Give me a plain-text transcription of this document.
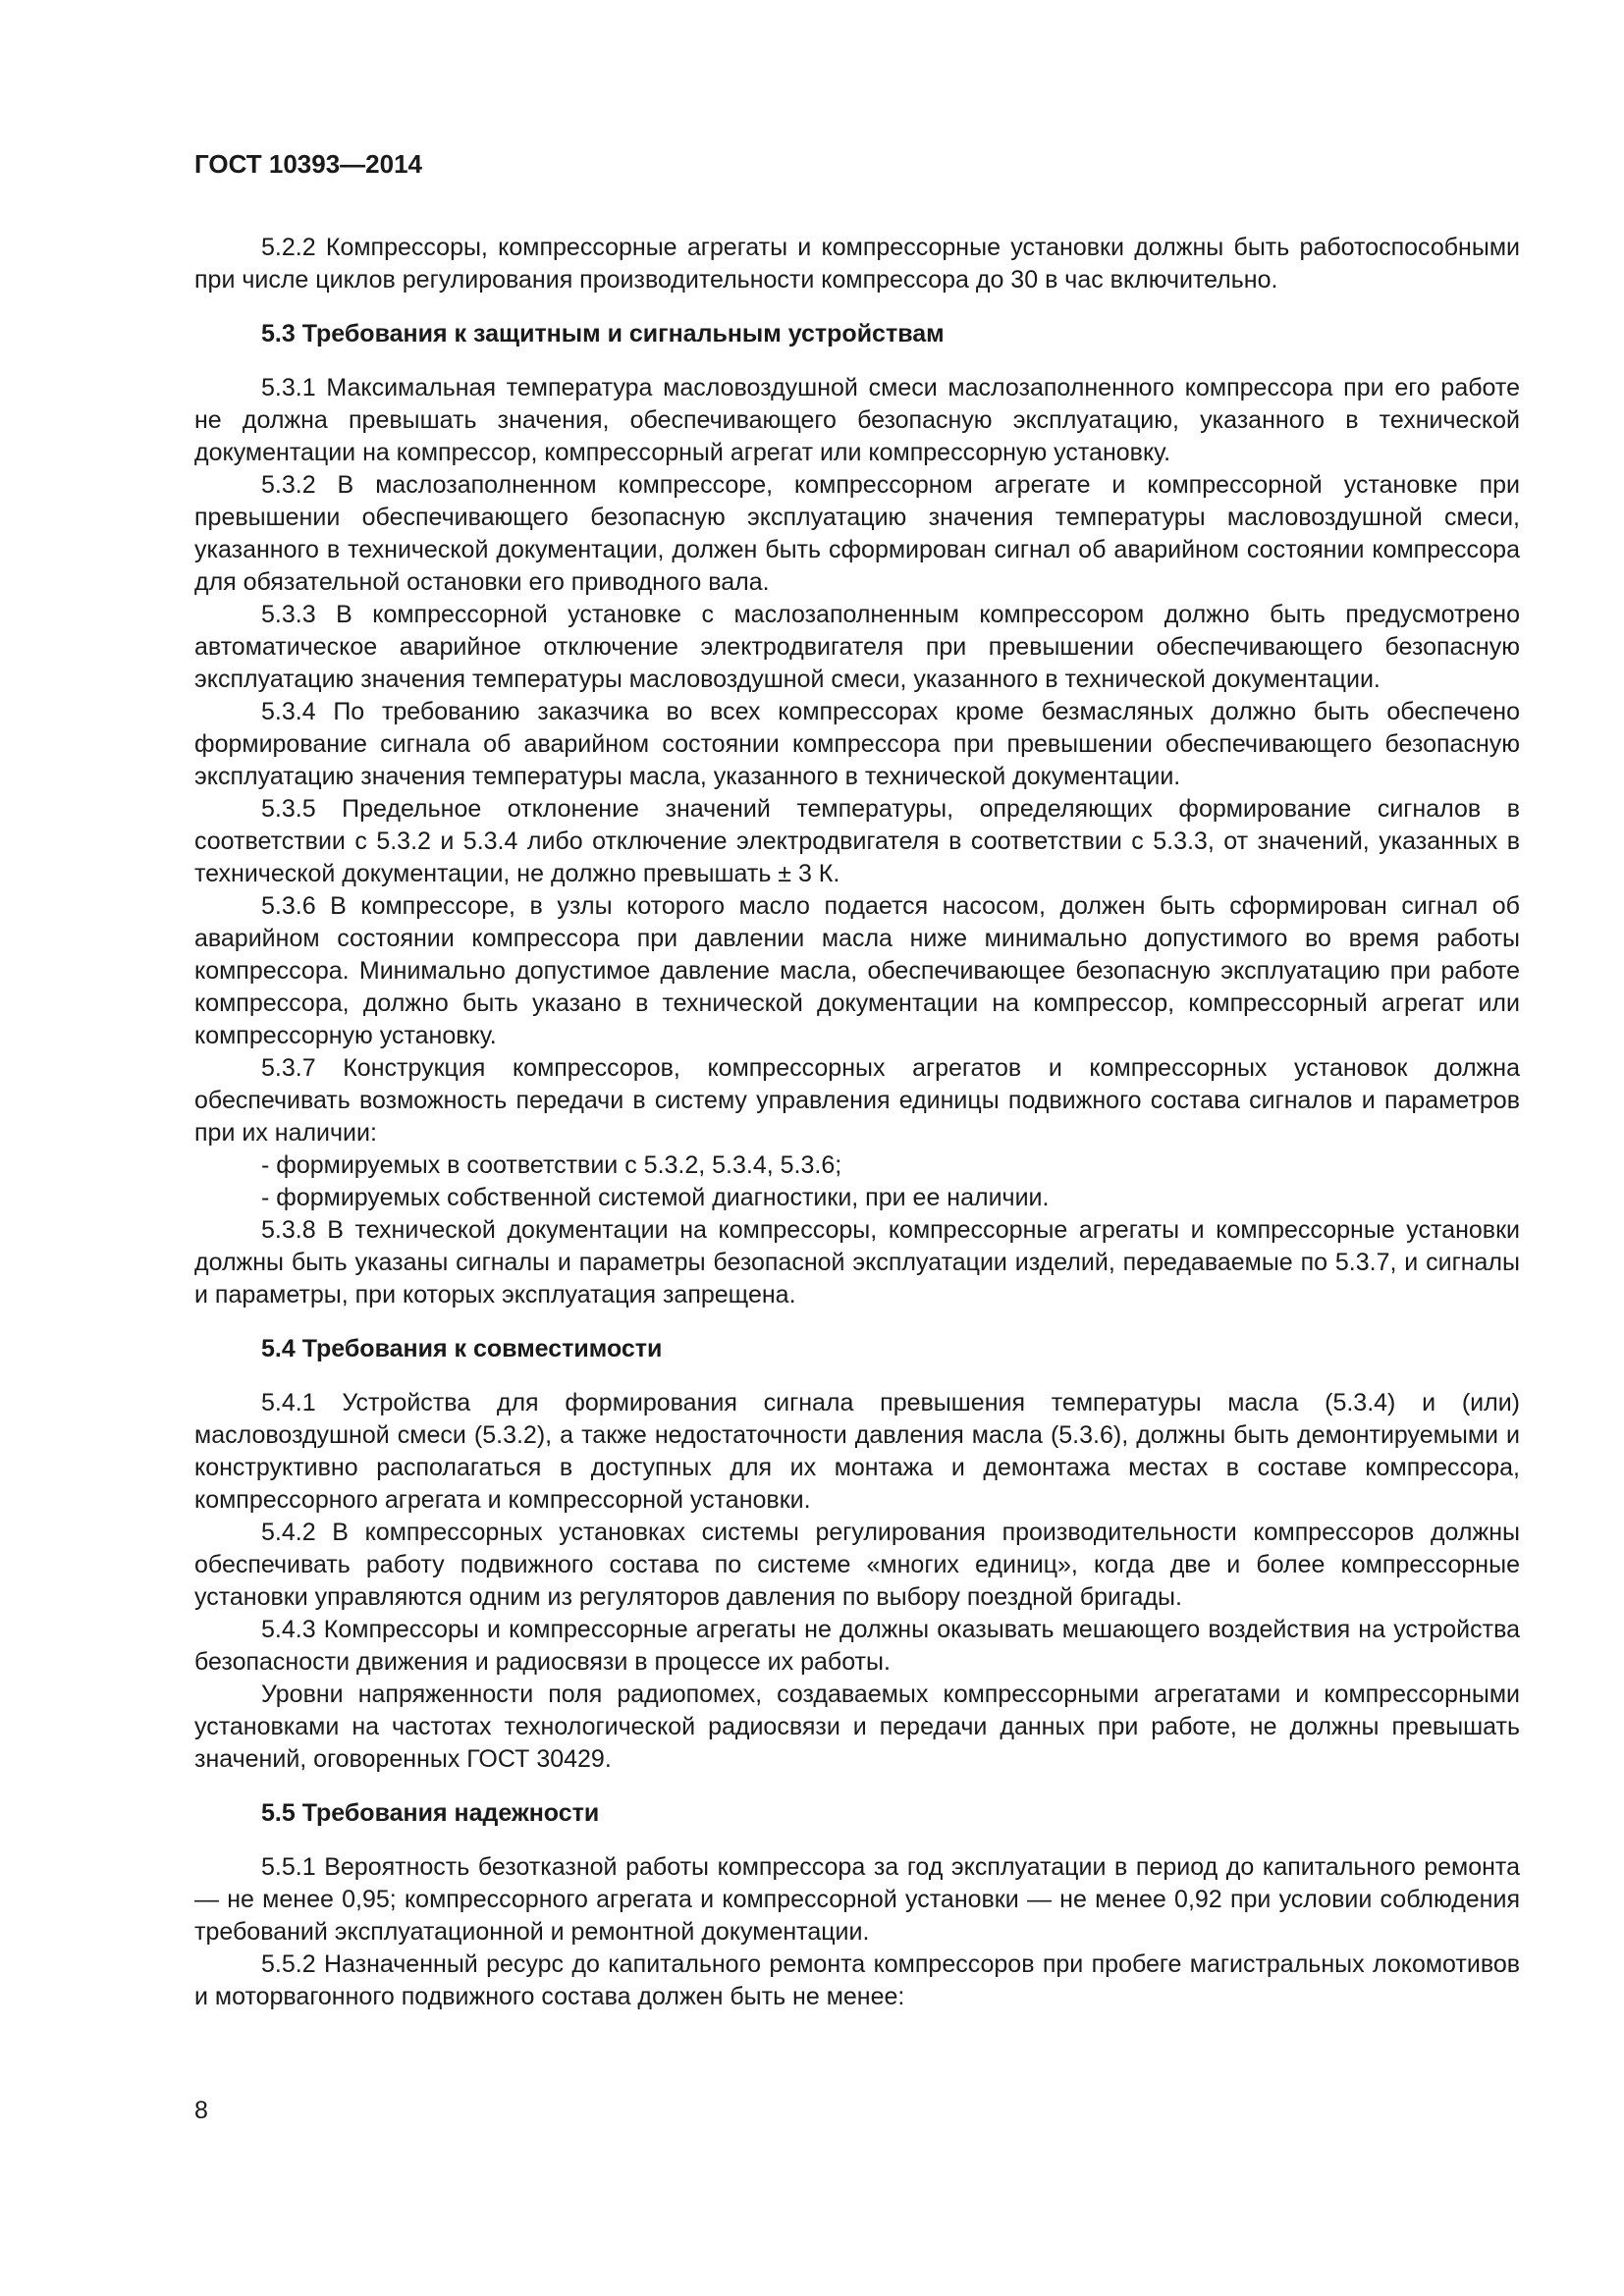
ГОСТ 10393—2014

5.2.2 Компрессоры, компрессорные агрегаты и компрессорные установки должны быть работоспособными при числе циклов регулирования производительности компрессора до 30 в час включительно.

5.3 Требования к защитным и сигнальным устройствам

5.3.1 Максимальная температура масловоздушной смеси маслозаполненного компрессора при его работе не должна превышать значения, обеспечивающего безопасную эксплуатацию, указанного в технической документации на компрессор, компрессорный агрегат или компрессорную установку.

5.3.2 В маслозаполненном компрессоре, компрессорном агрегате и компрессорной установке при превышении обеспечивающего безопасную эксплуатацию значения температуры масловоздушной смеси, указанного в технической документации, должен быть сформирован сигнал об аварийном состоянии компрессора для обязательной остановки его приводного вала.

5.3.3 В компрессорной установке с маслозаполненным компрессором должно быть предусмотрено автоматическое аварийное отключение электродвигателя при превышении обеспечивающего безопасную эксплуатацию значения температуры масловоздушной смеси, указанного в технической документации.

5.3.4 По требованию заказчика во всех компрессорах кроме безмасляных должно быть обеспечено формирование сигнала об аварийном состоянии компрессора при превышении обеспечивающего безопасную эксплуатацию значения температуры масла, указанного в технической документации.

5.3.5 Предельное отклонение значений температуры, определяющих формирование сигналов в соответствии с 5.3.2 и 5.3.4 либо отключение электродвигателя в соответствии с 5.3.3, от значений, указанных в технической документации, не должно превышать ± 3 К.

5.3.6 В компрессоре, в узлы которого масло подается насосом, должен быть сформирован сигнал об аварийном состоянии компрессора при давлении масла ниже минимально допустимого во время работы компрессора. Минимально допустимое давление масла, обеспечивающее безопасную эксплуатацию при работе компрессора, должно быть указано в технической документации на компрессор, компрессорный агрегат или компрессорную установку.

5.3.7 Конструкция компрессоров, компрессорных агрегатов и компрессорных установок должна обеспечивать возможность передачи в систему управления единицы подвижного состава сигналов и параметров при их наличии:

- формируемых в соответствии с 5.3.2, 5.3.4, 5.3.6;

- формируемых собственной системой диагностики, при ее наличии.

5.3.8 В технической документации на компрессоры, компрессорные агрегаты и компрессорные установки должны быть указаны сигналы и параметры безопасной эксплуатации изделий, передаваемые по 5.3.7, и сигналы и параметры, при которых эксплуатация запрещена.

5.4 Требования к совместимости

5.4.1 Устройства для формирования сигнала превышения температуры масла (5.3.4) и (или) масловоздушной смеси (5.3.2), а также недостаточности давления масла (5.3.6), должны быть демонтируемыми и конструктивно располагаться в доступных для их монтажа и демонтажа местах в составе компрессора, компрессорного агрегата и компрессорной установки.

5.4.2 В компрессорных установках системы регулирования производительности компрессоров должны обеспечивать работу подвижного состава по системе «многих единиц», когда две и более компрессорные установки управляются одним из регуляторов давления по выбору поездной бригады.

5.4.3 Компрессоры и компрессорные агрегаты не должны оказывать мешающего воздействия на устройства безопасности движения и радиосвязи в процессе их работы.

Уровни напряженности поля радиопомех, создаваемых компрессорными агрегатами и компрессорными установками на частотах технологической радиосвязи и передачи данных при работе, не должны превышать значений, оговоренных ГОСТ 30429.

5.5 Требования надежности

5.5.1 Вероятность безотказной работы компрессора за год эксплуатации в период до капитального ремонта — не менее 0,95; компрессорного агрегата и компрессорной установки — не менее 0,92 при условии соблюдения требований эксплуатационной и ремонтной документации.

5.5.2 Назначенный ресурс до капитального ремонта компрессоров при пробеге магистральных локомотивов и моторвагонного подвижного состава должен быть не менее:

8
